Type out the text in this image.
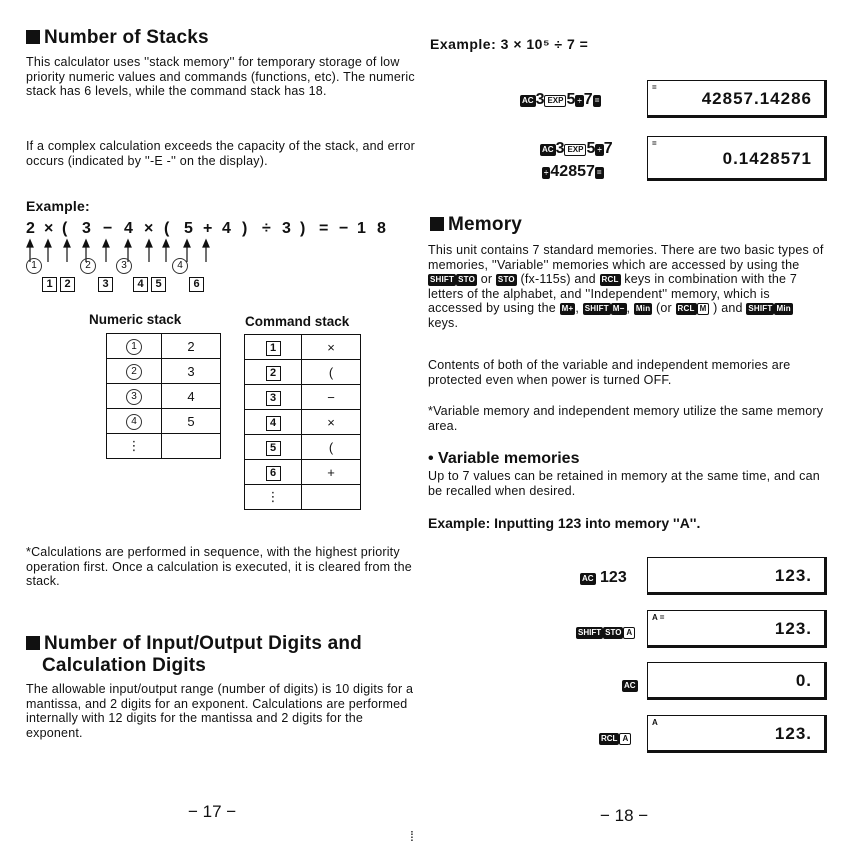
Number of Stacks
This calculator uses ''stack memory'' for temporary storage of low priority numeric values and commands (functions, etc). The numeric stack has 6 levels, while the command stack has 18.
If a complex calculation exceeds the capacity of the stack, and error occurs (indicated by ''-E -'' on the display).
Example:
2 × ( 3 − 4 × ( 5 + 4 ) ÷ 3 ) = − 1 8
1	2	3	4
1	2	3	4	5	6
Numeric stack	Command stack
1	2
2	3
3	4
4	5
⋮	
1	×
2	(
3	−
4	×
5	(
6	+
⋮	
*Calculations are performed in sequence, with the highest priority operation first. Once a calculation is executed, it is cleared from the stack.
Number of Input/Output Digits and
Calculation Digits
The allowable input/output range (number of digits) is 10 digits for a mantissa, and 2 digits for an exponent. Calculations are performed internally with 12 digits for the mantissa and 2 digits for the exponent.
− 17 −
⁞
Example: 3 × 10⁵ ÷ 7 =
AC 3 EXP 5 ÷ 7 =
=
42857.14286
AC 3 EXP 5 ÷ 7
÷ 42857 =
=
0.1428571
Memory
This unit contains 7 standard memories. There are two basic types of memories, ''Variable'' memories which are accessed by using the SHIFT STO or STO (fx-115s) and RCL keys in combination with the 7 letters of the alphabet, and ''Independent'' memory, which is accessed by using the M+ , SHIFT M− , Min (or RCL M ) and SHIFT Min keys.
Contents of both of the variable and independent memories are protected even when power is turned OFF.
*Variable memory and independent memory utilize the same memory area.
• Variable memories
Up to 7 values can be retained in memory at the same time, and can be recalled when desired.
Example: Inputting 123 into memory ''A''.
AC 123	123.
SHIFT STO A
A =
123.
AC	0.
RCL A
A
123.
− 18 −
